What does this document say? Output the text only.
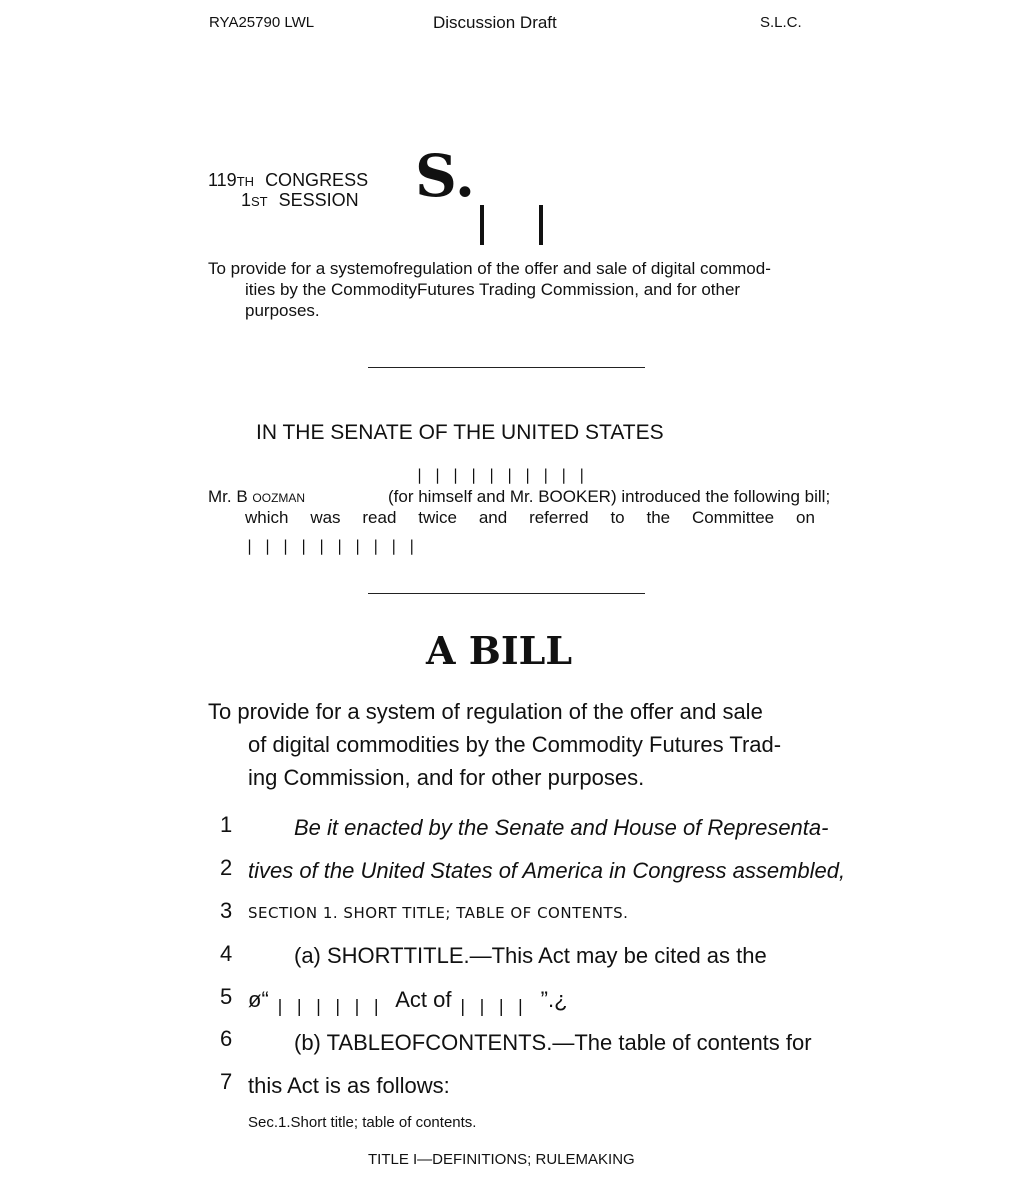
RYA25790 LWL	Discussion Draft	S.L.C.
119TH CONGRESS
1ST SESSION S.
To provide for a systemofregulation of the offer and sale of digital commod-
ities by the CommodityFutures Trading Commission, and for other
purposes.
IN THE SENATE OF THE UNITED STATES
||||||||||
Mr. B OOZMAN	(for himself and Mr. BOOKER) introduced the following bill;
which was read twice and referred to the Committee on
||||||||||
A BILL
To provide for a system of regulation of the offer and sale
of digital commodities by the Commodity Futures Trad-
ing Commission, and for other purposes.
1	Be it enacted by the Senate and House of Representa-
2 tives of the United States of America in Congress assembled,
3 SECTION 1. SHORT TITLE; TABLE OF CONTENTS.
4	(a) SHORTTITLE.—This Act may be cited as the
5 ø“ $_{||||||}$ Act of $_{||||}$ ”.¿
6	(b) TABLEOFCONTENTS.—The table of contents for
7 this Act is as follows:
Sec.1.Short title; table of contents.
TITLE I—DEFINITIONS; RULEMAKING
